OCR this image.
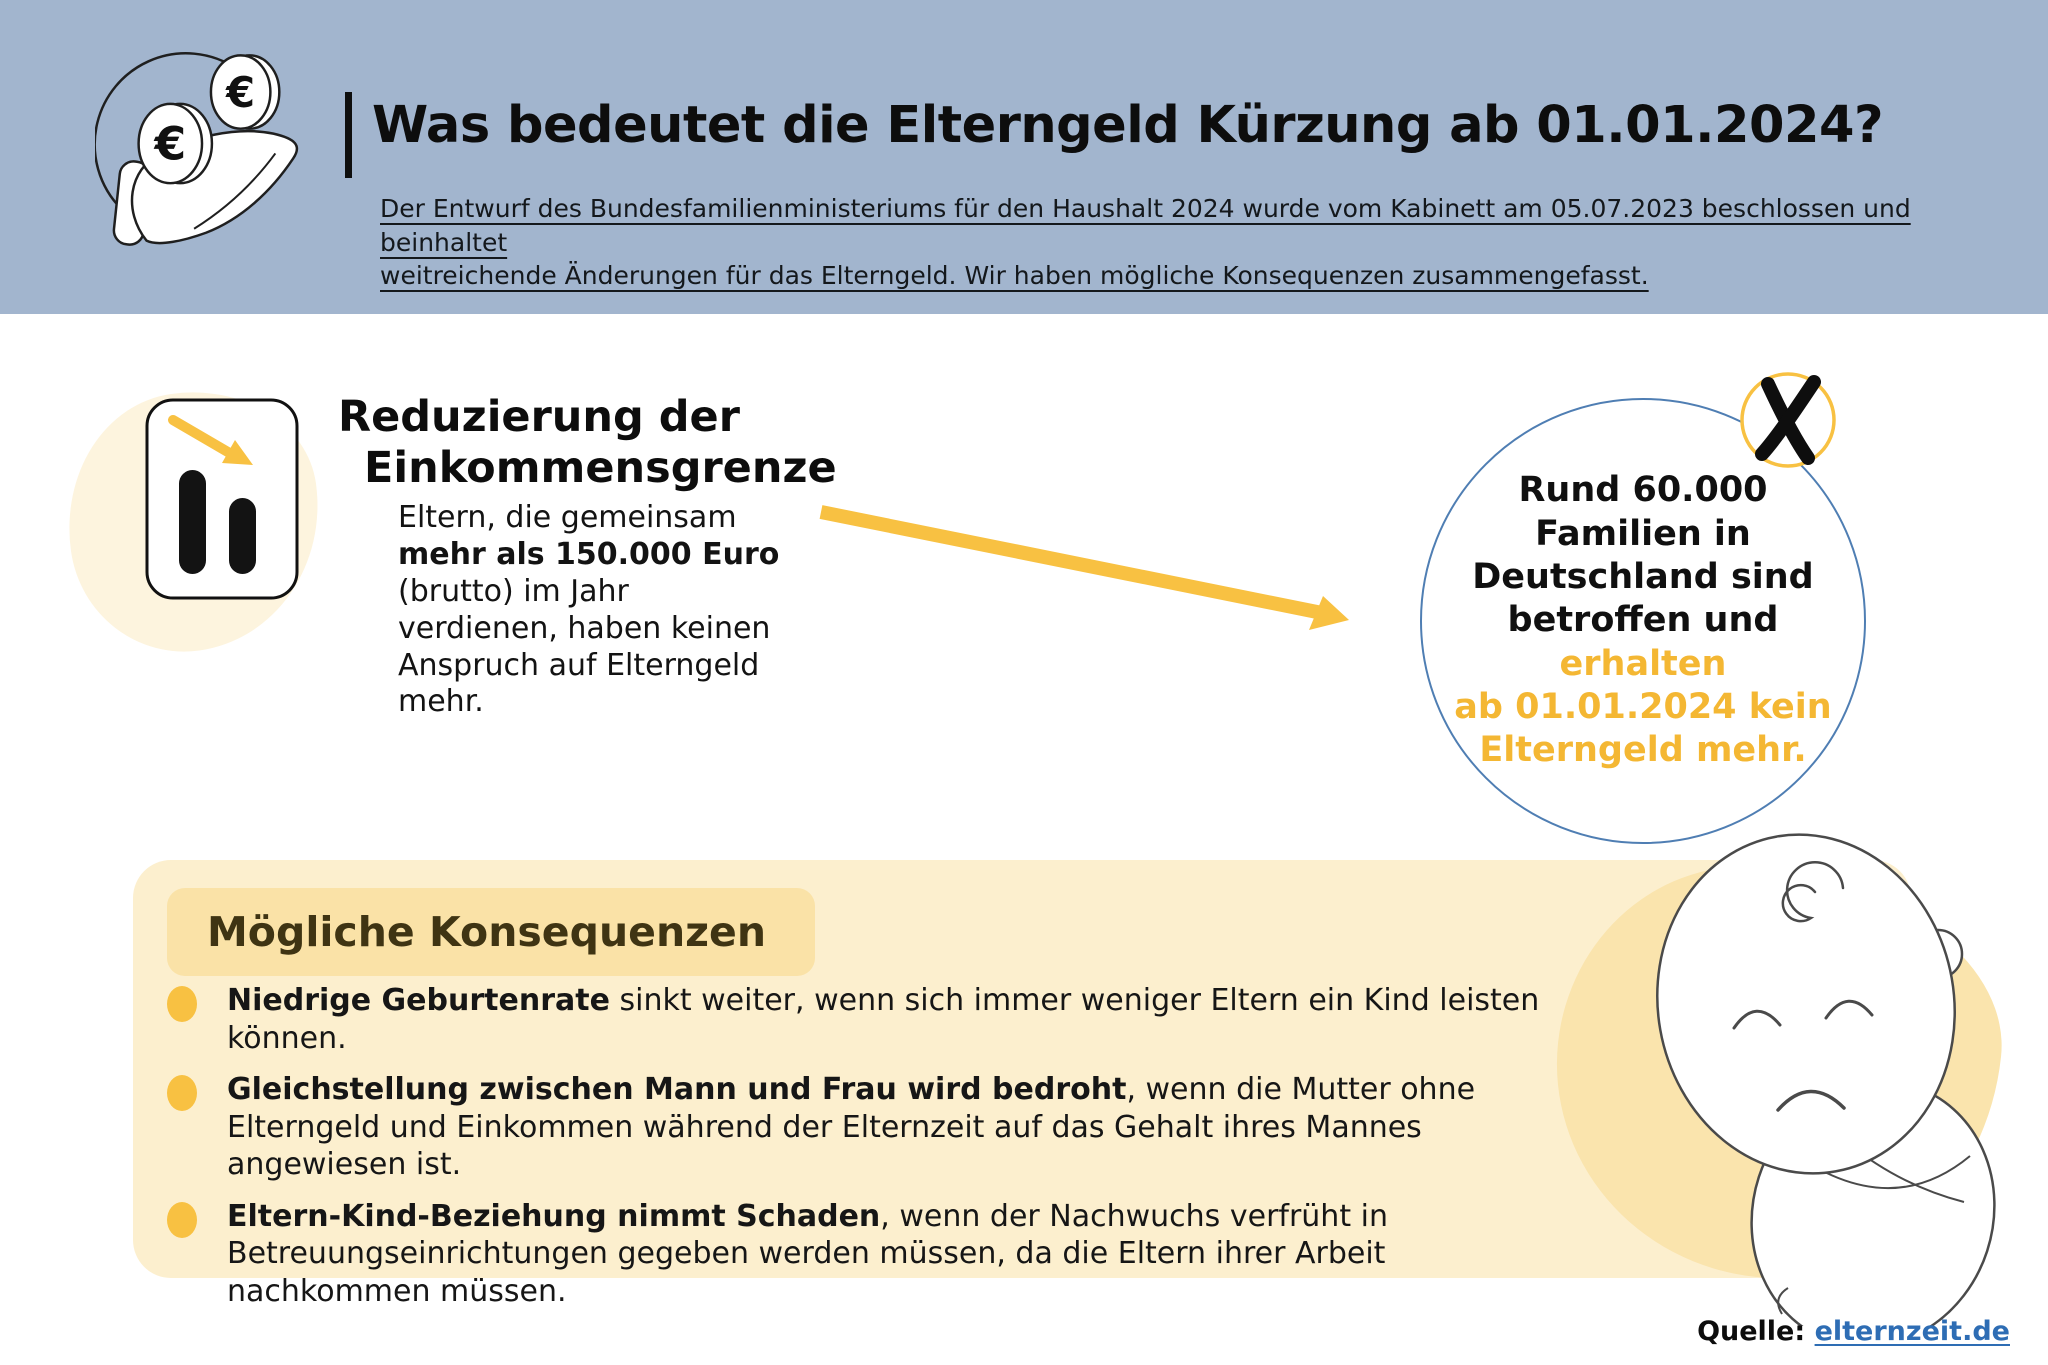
€
€
Was bedeutet die Elterngeld Kürzung ab 01.01.2024?
Der Entwurf des Bundesfamilienministeriums für den Haushalt 2024 wurde vom Kabinett am 05.07.2023 beschlossen und beinhaltet
weitreichende Änderungen für das Elterngeld. Wir haben mögliche Konsequenzen zusammengefasst.
Reduzierung der
Einkommensgrenze
Eltern, die gemeinsam mehr als 150.000 Euro (brutto) im Jahr verdienen, haben keinen Anspruch auf Elterngeld mehr.
Rund 60.000
Familien in
Deutschland sind
betroffen und erhalten
ab 01.01.2024 kein
Elterngeld mehr.
Mögliche Konsequenzen
Niedrige Geburtenrate sinkt weiter, wenn sich immer weniger Eltern ein Kind leisten können.
Gleichstellung zwischen Mann und Frau wird bedroht, wenn die Mutter ohne Elterngeld und Einkommen während der Elternzeit auf das Gehalt ihres Mannes angewiesen ist.
Eltern-Kind-Beziehung nimmt Schaden, wenn der Nachwuchs verfrüht in Betreuungseinrichtungen gegeben werden müssen, da die Eltern ihrer Arbeit nachkommen müssen.
Quelle: elternzeit.de
